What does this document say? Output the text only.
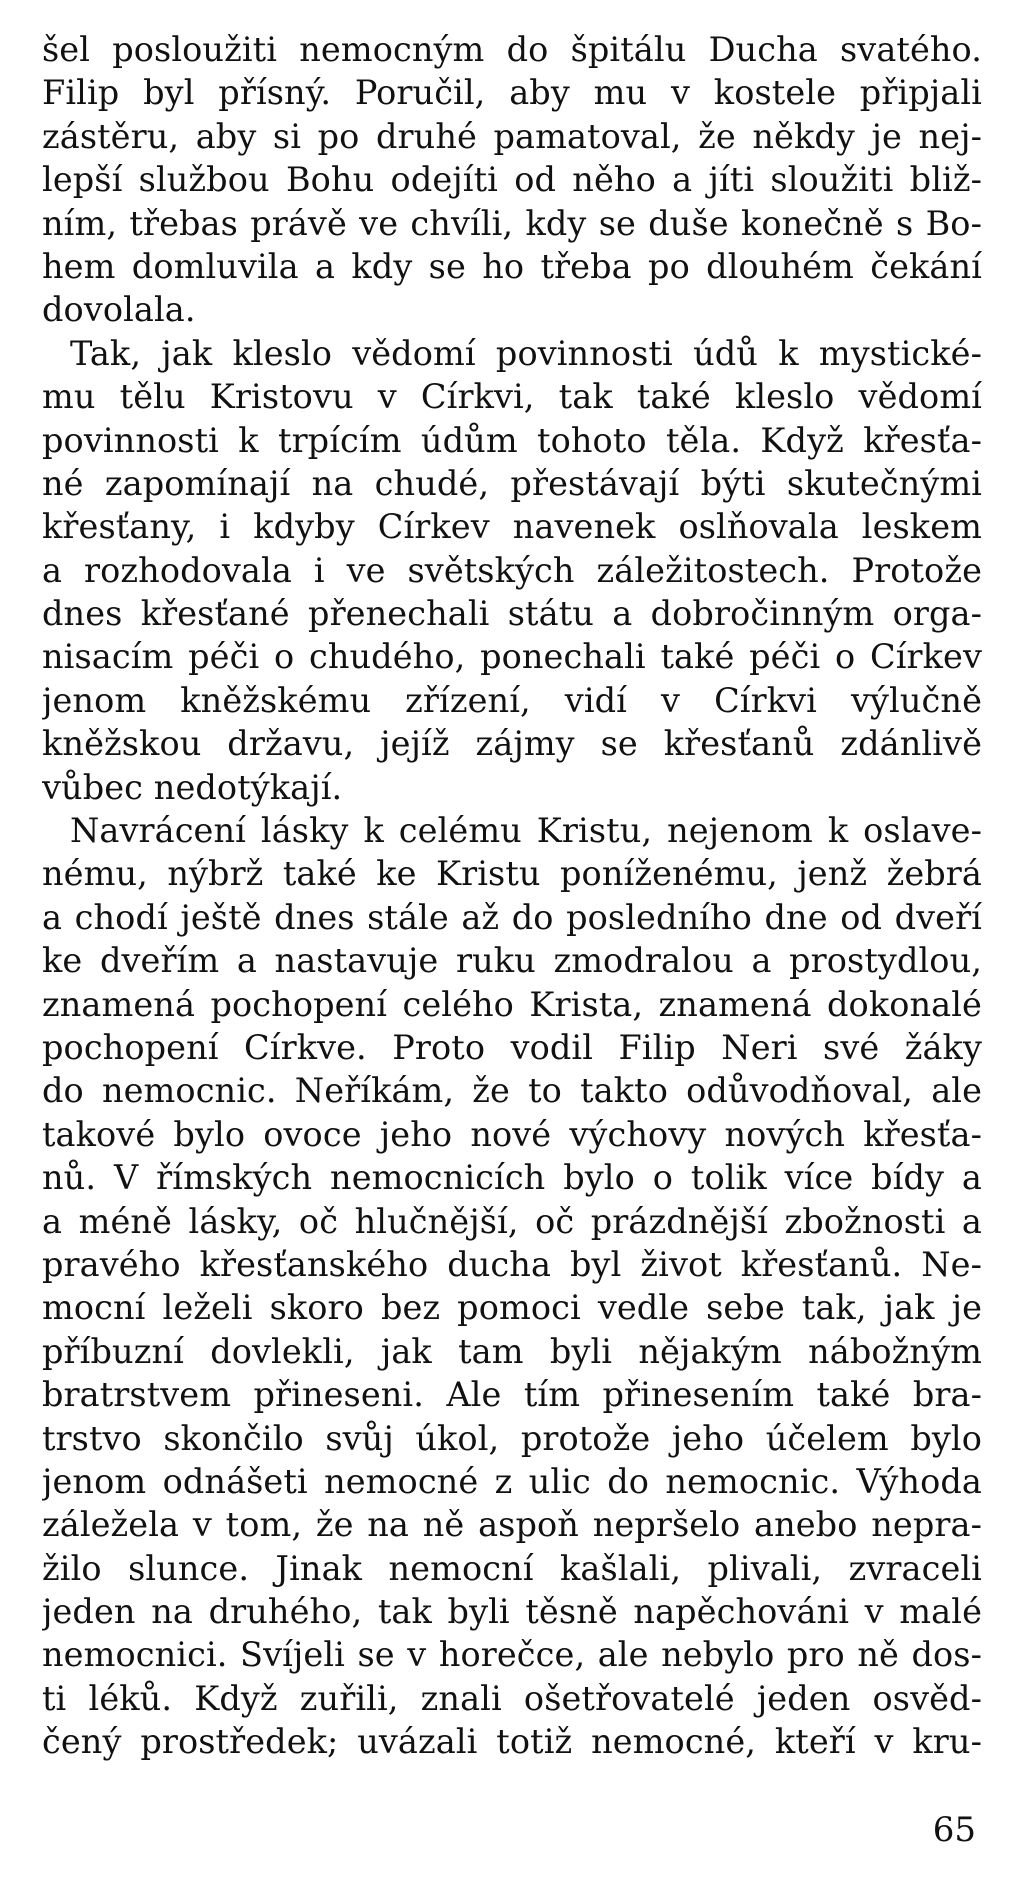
šel posloužiti nemocným do špitálu Ducha svatého.
Filip byl přísný. Poručil, aby mu v kostele připjali
zástěru, aby si po druhé pamatoval, že někdy je nej-
lepší službou Bohu odejíti od něho a jíti sloužiti bliž-
ním, třebas právě ve chvíli, kdy se duše konečně s Bo-
hem domluvila a kdy se ho třeba po dlouhém čekání
dovolala.
Tak, jak kleslo vědomí povinnosti údů k mystické-
mu tělu Kristovu v Církvi, tak také kleslo vědomí
povinnosti k trpícím údům tohoto těla. Když křesťa-
né zapomínají na chudé, přestávají býti skutečnými
křesťany, i kdyby Církev navenek oslňovala leskem
a rozhodovala i ve světských záležitostech. Protože
dnes křesťané přenechali státu a dobročinným orga-
nisacím péči o chudého, ponechali také péči o Církev
jenom kněžskému zřízení, vidí v Církvi výlučně
kněžskou državu, jejíž zájmy se křesťanů zdánlivě
vůbec nedotýkají.
Navrácení lásky k celému Kristu, nejenom k oslave-
nému, nýbrž také ke Kristu poníženému, jenž žebrá
a chodí ještě dnes stále až do posledního dne od dveří
ke dveřím a nastavuje ruku zmodralou a prostydlou,
znamená pochopení celého Krista, znamená dokonalé
pochopení Církve. Proto vodil Filip Neri své žáky
do nemocnic. Neříkám, že to takto odůvodňoval, ale
takové bylo ovoce jeho nové výchovy nových křesťa-
nů. V římských nemocnicích bylo o tolik více bídy a
a méně lásky, oč hlučnější, oč prázdnější zbožnosti a
pravého křesťanského ducha byl život křesťanů. Ne-
mocní leželi skoro bez pomoci vedle sebe tak, jak je
příbuzní dovlekli, jak tam byli nějakým nábožným
bratrstvem přineseni. Ale tím přinesením také bra-
trstvo skončilo svůj úkol, protože jeho účelem bylo
jenom odnášeti nemocné z ulic do nemocnic. Výhoda
záležela v tom, že na ně aspoň nepršelo anebo nepra-
žilo slunce. Jinak nemocní kašlali, plivali, zvraceli
jeden na druhého, tak byli těsně napěchováni v malé
nemocnici. Svíjeli se v horečce, ale nebylo pro ně dos-
ti léků. Když zuřili, znali ošetřovatelé jeden osvěd-
čený prostředek; uvázali totiž nemocné, kteří v kru-
65
